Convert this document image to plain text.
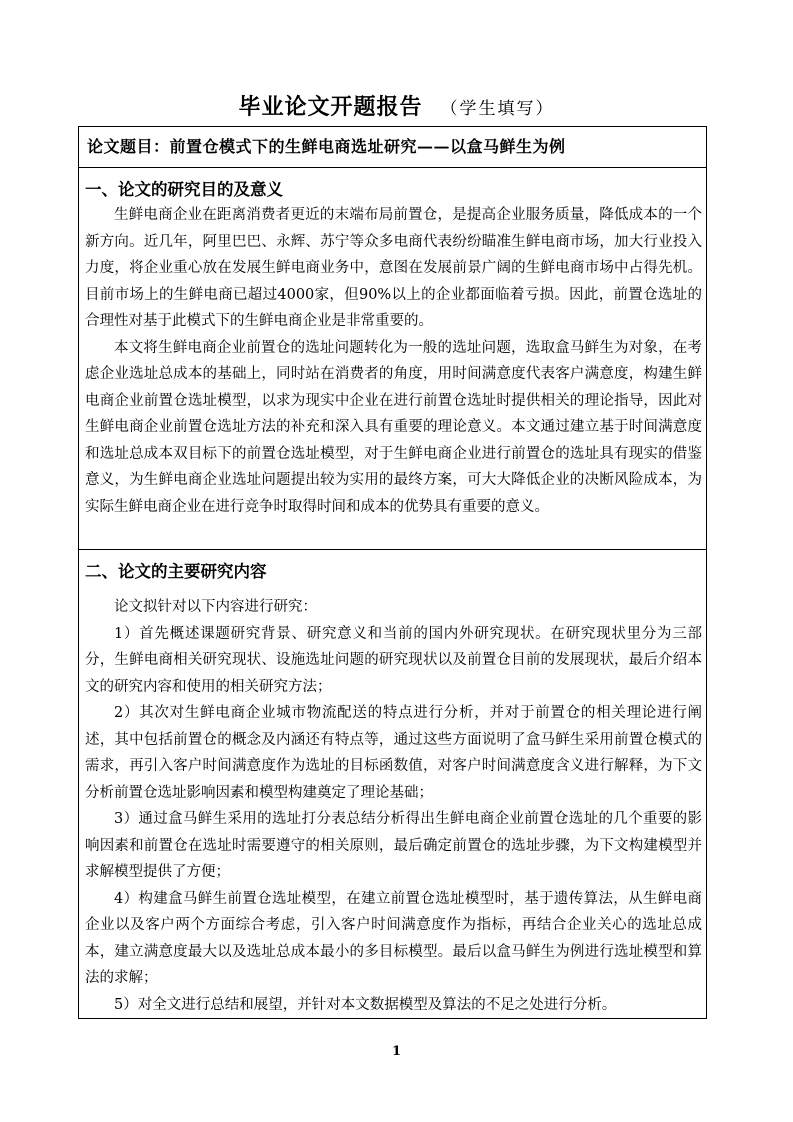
毕业论文开题报告 （学生填写）
论文题目：前置仓模式下的生鲜电商选址研究——以盒马鲜生为例

一、论文的研究目的及意义

生鲜电商企业在距离消费者更近的末端布局前置仓，是提高企业服务质量，降低成本的一个新方向。近几年，阿里巴巴、永辉、苏宁等众多电商代表纷纷瞄准生鲜电商市场，加大行业投入力度，将企业重心放在发展生鲜电商业务中，意图在发展前景广阔的生鲜电商市场中占得先机。目前市场上的生鲜电商已超过4000家，但90%以上的企业都面临着亏损。因此，前置仓选址的合理性对基于此模式下的生鲜电商企业是非常重要的。

本文将生鲜电商企业前置仓的选址问题转化为一般的选址问题，选取盒马鲜生为对象，在考虑企业选址总成本的基础上，同时站在消费者的角度，用时间满意度代表客户满意度，构建生鲜电商企业前置仓选址模型，以求为现实中企业在进行前置仓选址时提供相关的理论指导，因此对生鲜电商企业前置仓选址方法的补充和深入具有重要的理论意义。本文通过建立基于时间满意度和选址总成本双目标下的前置仓选址模型，对于生鲜电商企业进行前置仓的选址具有现实的借鉴意义，为生鲜电商企业选址问题提出较为实用的最终方案，可大大降低企业的决断风险成本，为实际生鲜电商企业在进行竞争时取得时间和成本的优势具有重要的意义。

二、论文的主要研究内容

论文拟针对以下内容进行研究：

1）首先概述课题研究背景、研究意义和当前的国内外研究现状。在研究现状里分为三部分，生鲜电商相关研究现状、设施选址问题的研究现状以及前置仓目前的发展现状，最后介绍本文的研究内容和使用的相关研究方法；

2）其次对生鲜电商企业城市物流配送的特点进行分析，并对于前置仓的相关理论进行阐述，其中包括前置仓的概念及内涵还有特点等，通过这些方面说明了盒马鲜生采用前置仓模式的需求，再引入客户时间满意度作为选址的目标函数值，对客户时间满意度含义进行解释，为下文分析前置仓选址影响因素和模型构建奠定了理论基础；

3）通过盒马鲜生采用的选址打分表总结分析得出生鲜电商企业前置仓选址的几个重要的影响因素和前置仓在选址时需要遵守的相关原则，最后确定前置仓的选址步骤，为下文构建模型并求解模型提供了方便；

4）构建盒马鲜生前置仓选址模型，在建立前置仓选址模型时，基于遗传算法，从生鲜电商企业以及客户两个方面综合考虑，引入客户时间满意度作为指标，再结合企业关心的选址总成本，建立满意度最大以及选址总成本最小的多目标模型。最后以盒马鲜生为例进行选址模型和算法的求解；

5）对全文进行总结和展望，并针对本文数据模型及算法的不足之处进行分析。

1
